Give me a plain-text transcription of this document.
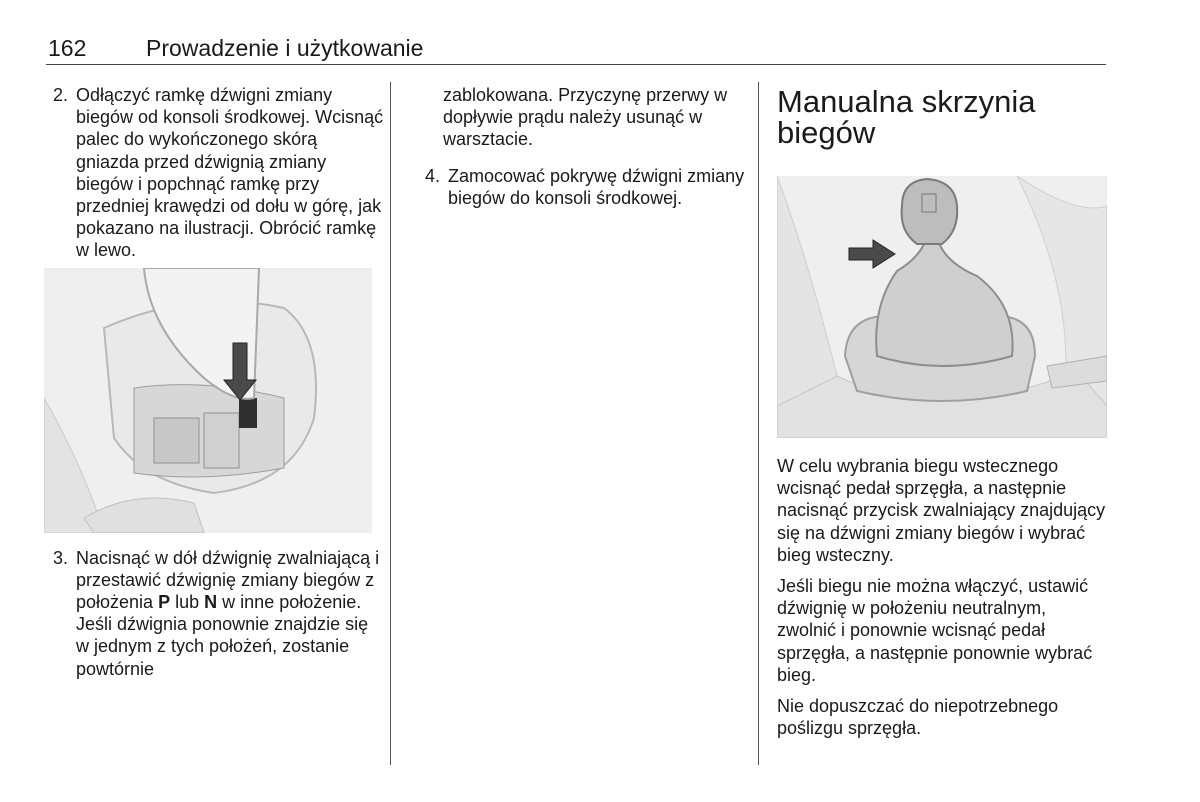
162	Prowadzenie i użytkowanie
2. Odłączyć ramkę dźwigni zmiany biegów od konsoli środkowej. Wcisnąć palec do wykończonego skórą gniazda przed dźwignią zmiany biegów i popchnąć ramkę przy przedniej krawędzi od dołu w górę, jak pokazano na ilustracji. Obrócić ramkę w lewo.
3. Nacisnąć w dół dźwignię zwalniającą i przestawić dźwignię zmiany biegów z położenia P lub N w inne położenie. Jeśli dźwignia ponownie znajdzie się w jednym z tych położeń, zostanie powtórnie
zablokowana. Przyczynę przerwy w dopływie prądu należy usunąć w warsztacie.
4. Zamocować pokrywę dźwigni zmiany biegów do konsoli środkowej.
Manualna skrzynia
biegów

W celu wybrania biegu wstecznego wcisnąć pedał sprzęgła, a następnie nacisnąć przycisk zwalniający znajdujący się na dźwigni zmiany biegów i wybrać bieg wsteczny.

Jeśli biegu nie można włączyć, ustawić dźwignię w położeniu neutralnym, zwolnić i ponownie wcisnąć pedał sprzęgła, a następnie ponownie wybrać bieg.

Nie dopuszczać do niepotrzebnego poślizgu sprzęgła.
